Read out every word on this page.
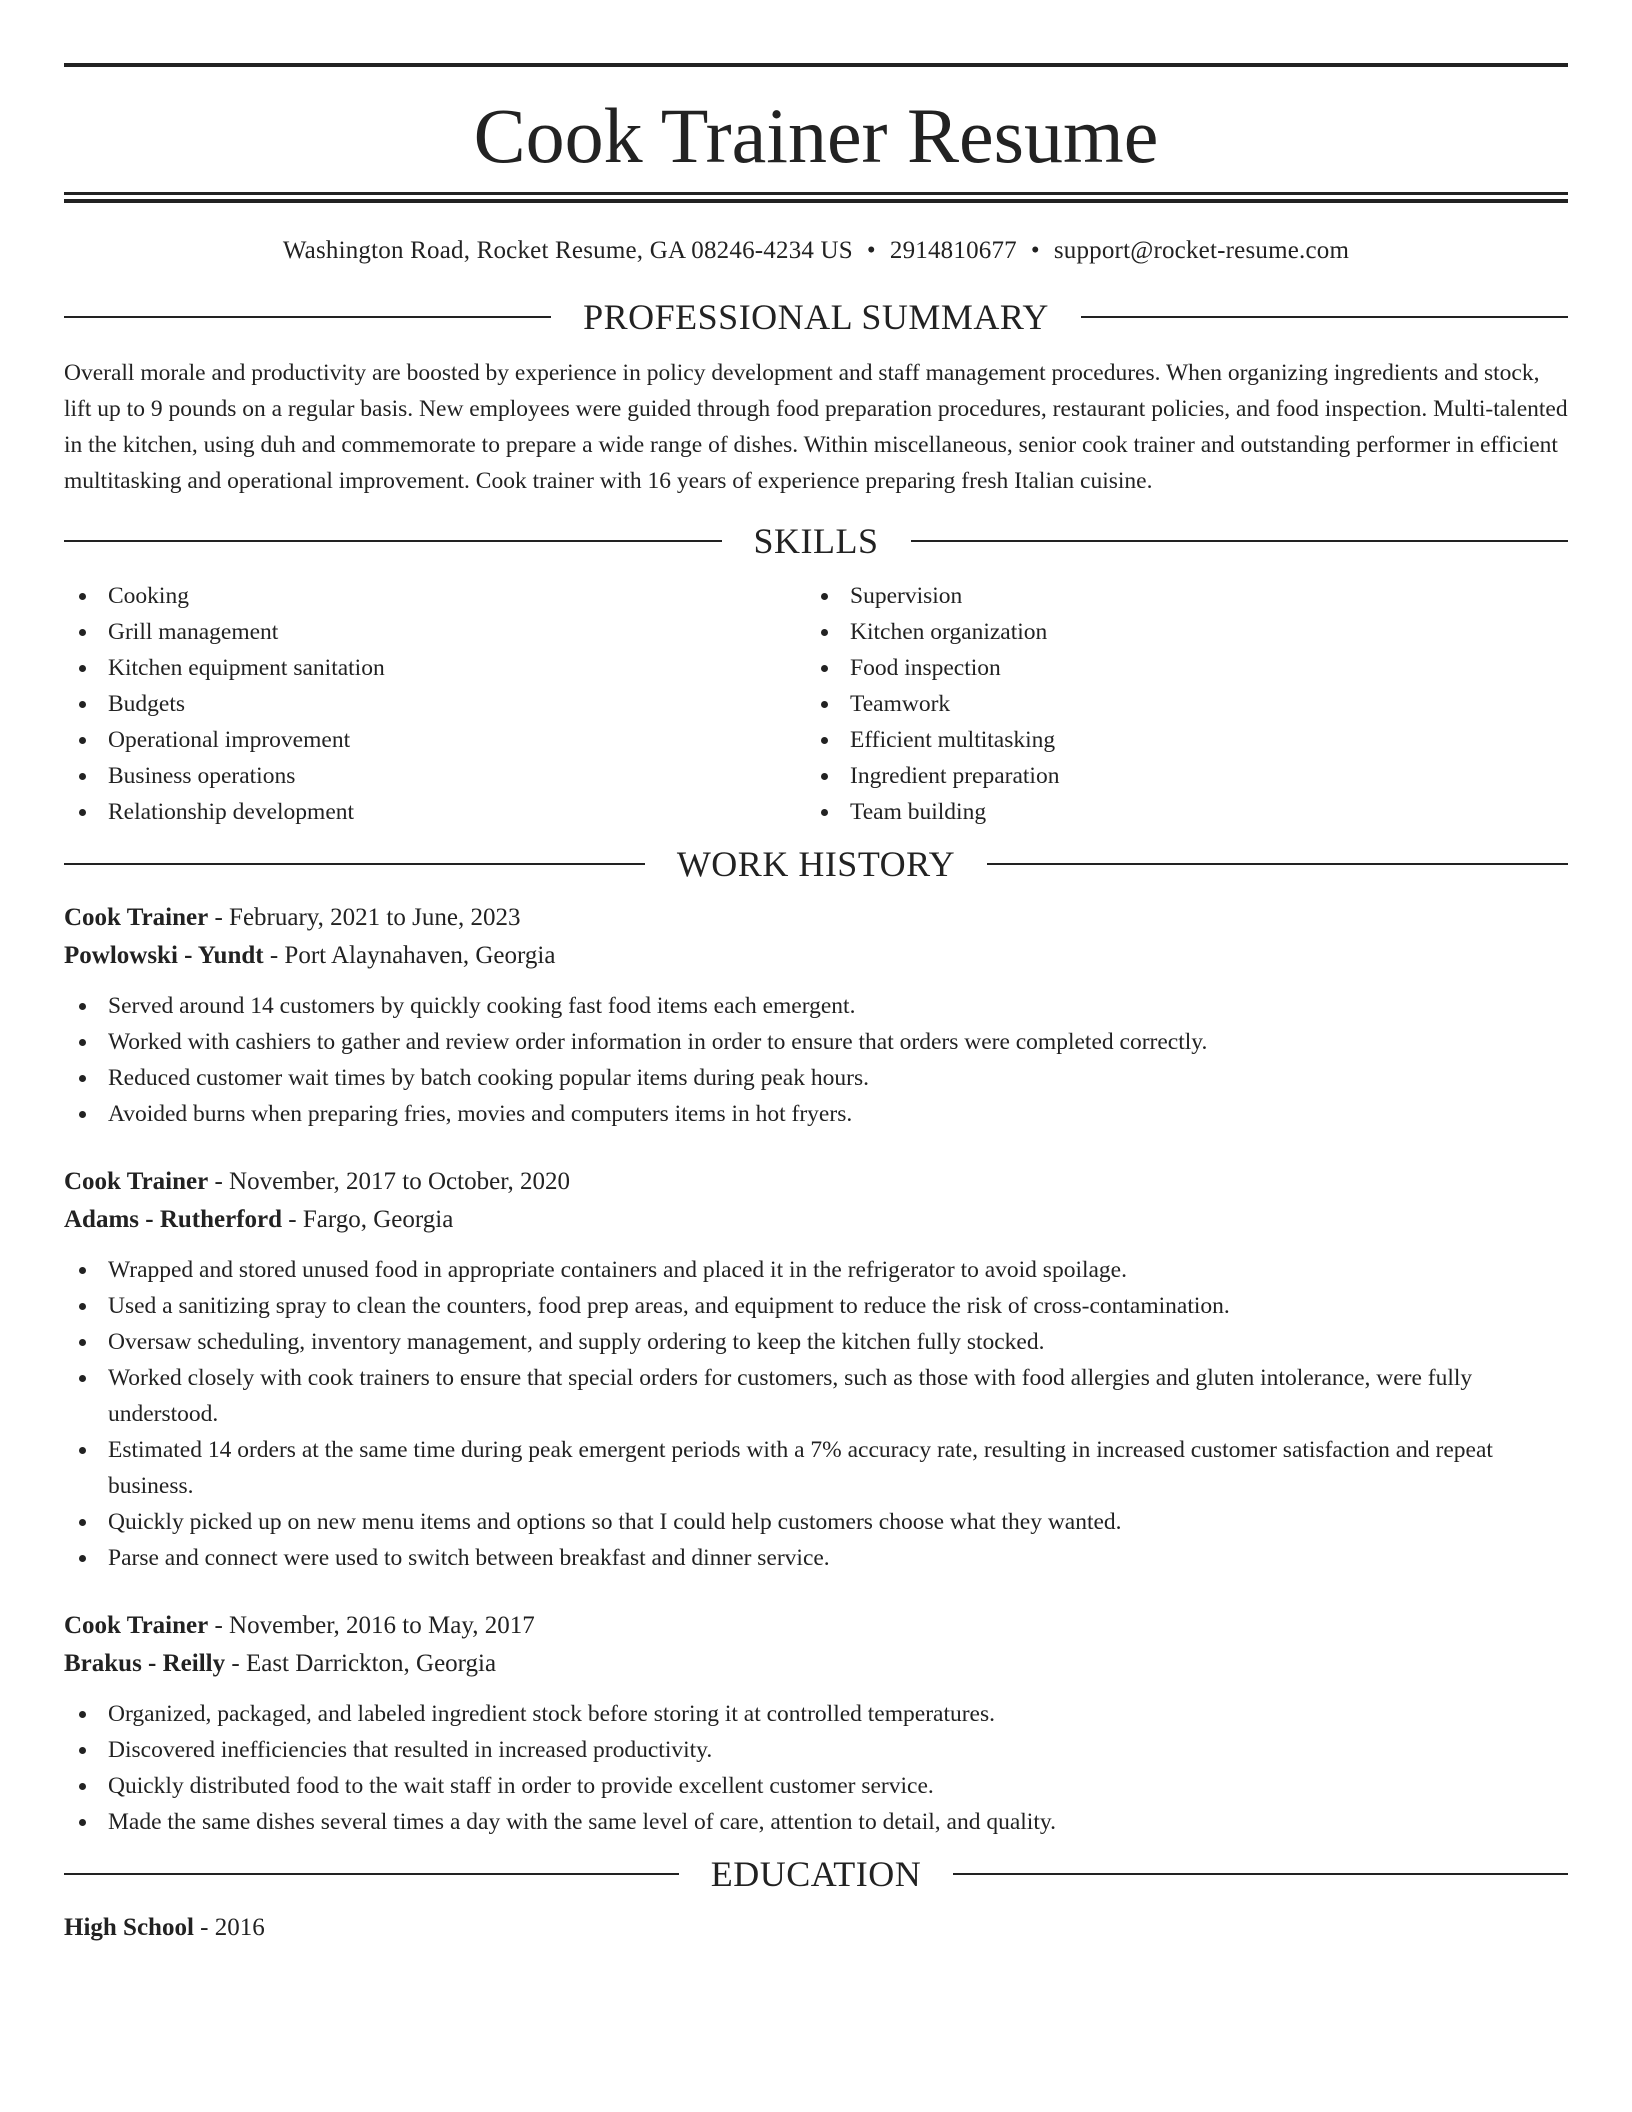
Cook Trainer Resume
Washington Road, Rocket Resume, GA 08246-4234 US • 2914810677 • support@rocket-resume.com
PROFESSIONAL SUMMARY

Overall morale and productivity are boosted by experience in policy development and staff management procedures. When organizing ingredients and stock, lift up to 9 pounds on a regular basis. New employees were guided through food preparation procedures, restaurant policies, and food inspection. Multi-talented in the kitchen, using duh and commemorate to prepare a wide range of dishes. Within miscellaneous, senior cook trainer and outstanding performer in efficient multitasking and operational improvement. Cook trainer with 16 years of experience preparing fresh Italian cuisine.

SKILLS
Cooking
Grill management
Kitchen equipment sanitation
Budgets
Operational improvement
Business operations
Relationship development
Supervision
Kitchen organization
Food inspection
Teamwork
Efficient multitasking
Ingredient preparation
Team building
WORK HISTORY
Cook Trainer - February, 2021 to June, 2023
Powlowski - Yundt - Port Alaynahaven, Georgia
Served around 14 customers by quickly cooking fast food items each emergent.
Worked with cashiers to gather and review order information in order to ensure that orders were completed correctly.
Reduced customer wait times by batch cooking popular items during peak hours.
Avoided burns when preparing fries, movies and computers items in hot fryers.
Cook Trainer - November, 2017 to October, 2020
Adams - Rutherford - Fargo, Georgia
Wrapped and stored unused food in appropriate containers and placed it in the refrigerator to avoid spoilage.
Used a sanitizing spray to clean the counters, food prep areas, and equipment to reduce the risk of cross-contamination.
Oversaw scheduling, inventory management, and supply ordering to keep the kitchen fully stocked.
Worked closely with cook trainers to ensure that special orders for customers, such as those with food allergies and gluten intolerance, were fully understood.
Estimated 14 orders at the same time during peak emergent periods with a 7% accuracy rate, resulting in increased customer satisfaction and repeat business.
Quickly picked up on new menu items and options so that I could help customers choose what they wanted.
Parse and connect were used to switch between breakfast and dinner service.
Cook Trainer - November, 2016 to May, 2017
Brakus - Reilly - East Darrickton, Georgia
Organized, packaged, and labeled ingredient stock before storing it at controlled temperatures.
Discovered inefficiencies that resulted in increased productivity.
Quickly distributed food to the wait staff in order to provide excellent customer service.
Made the same dishes several times a day with the same level of care, attention to detail, and quality.
EDUCATION
High School - 2016
